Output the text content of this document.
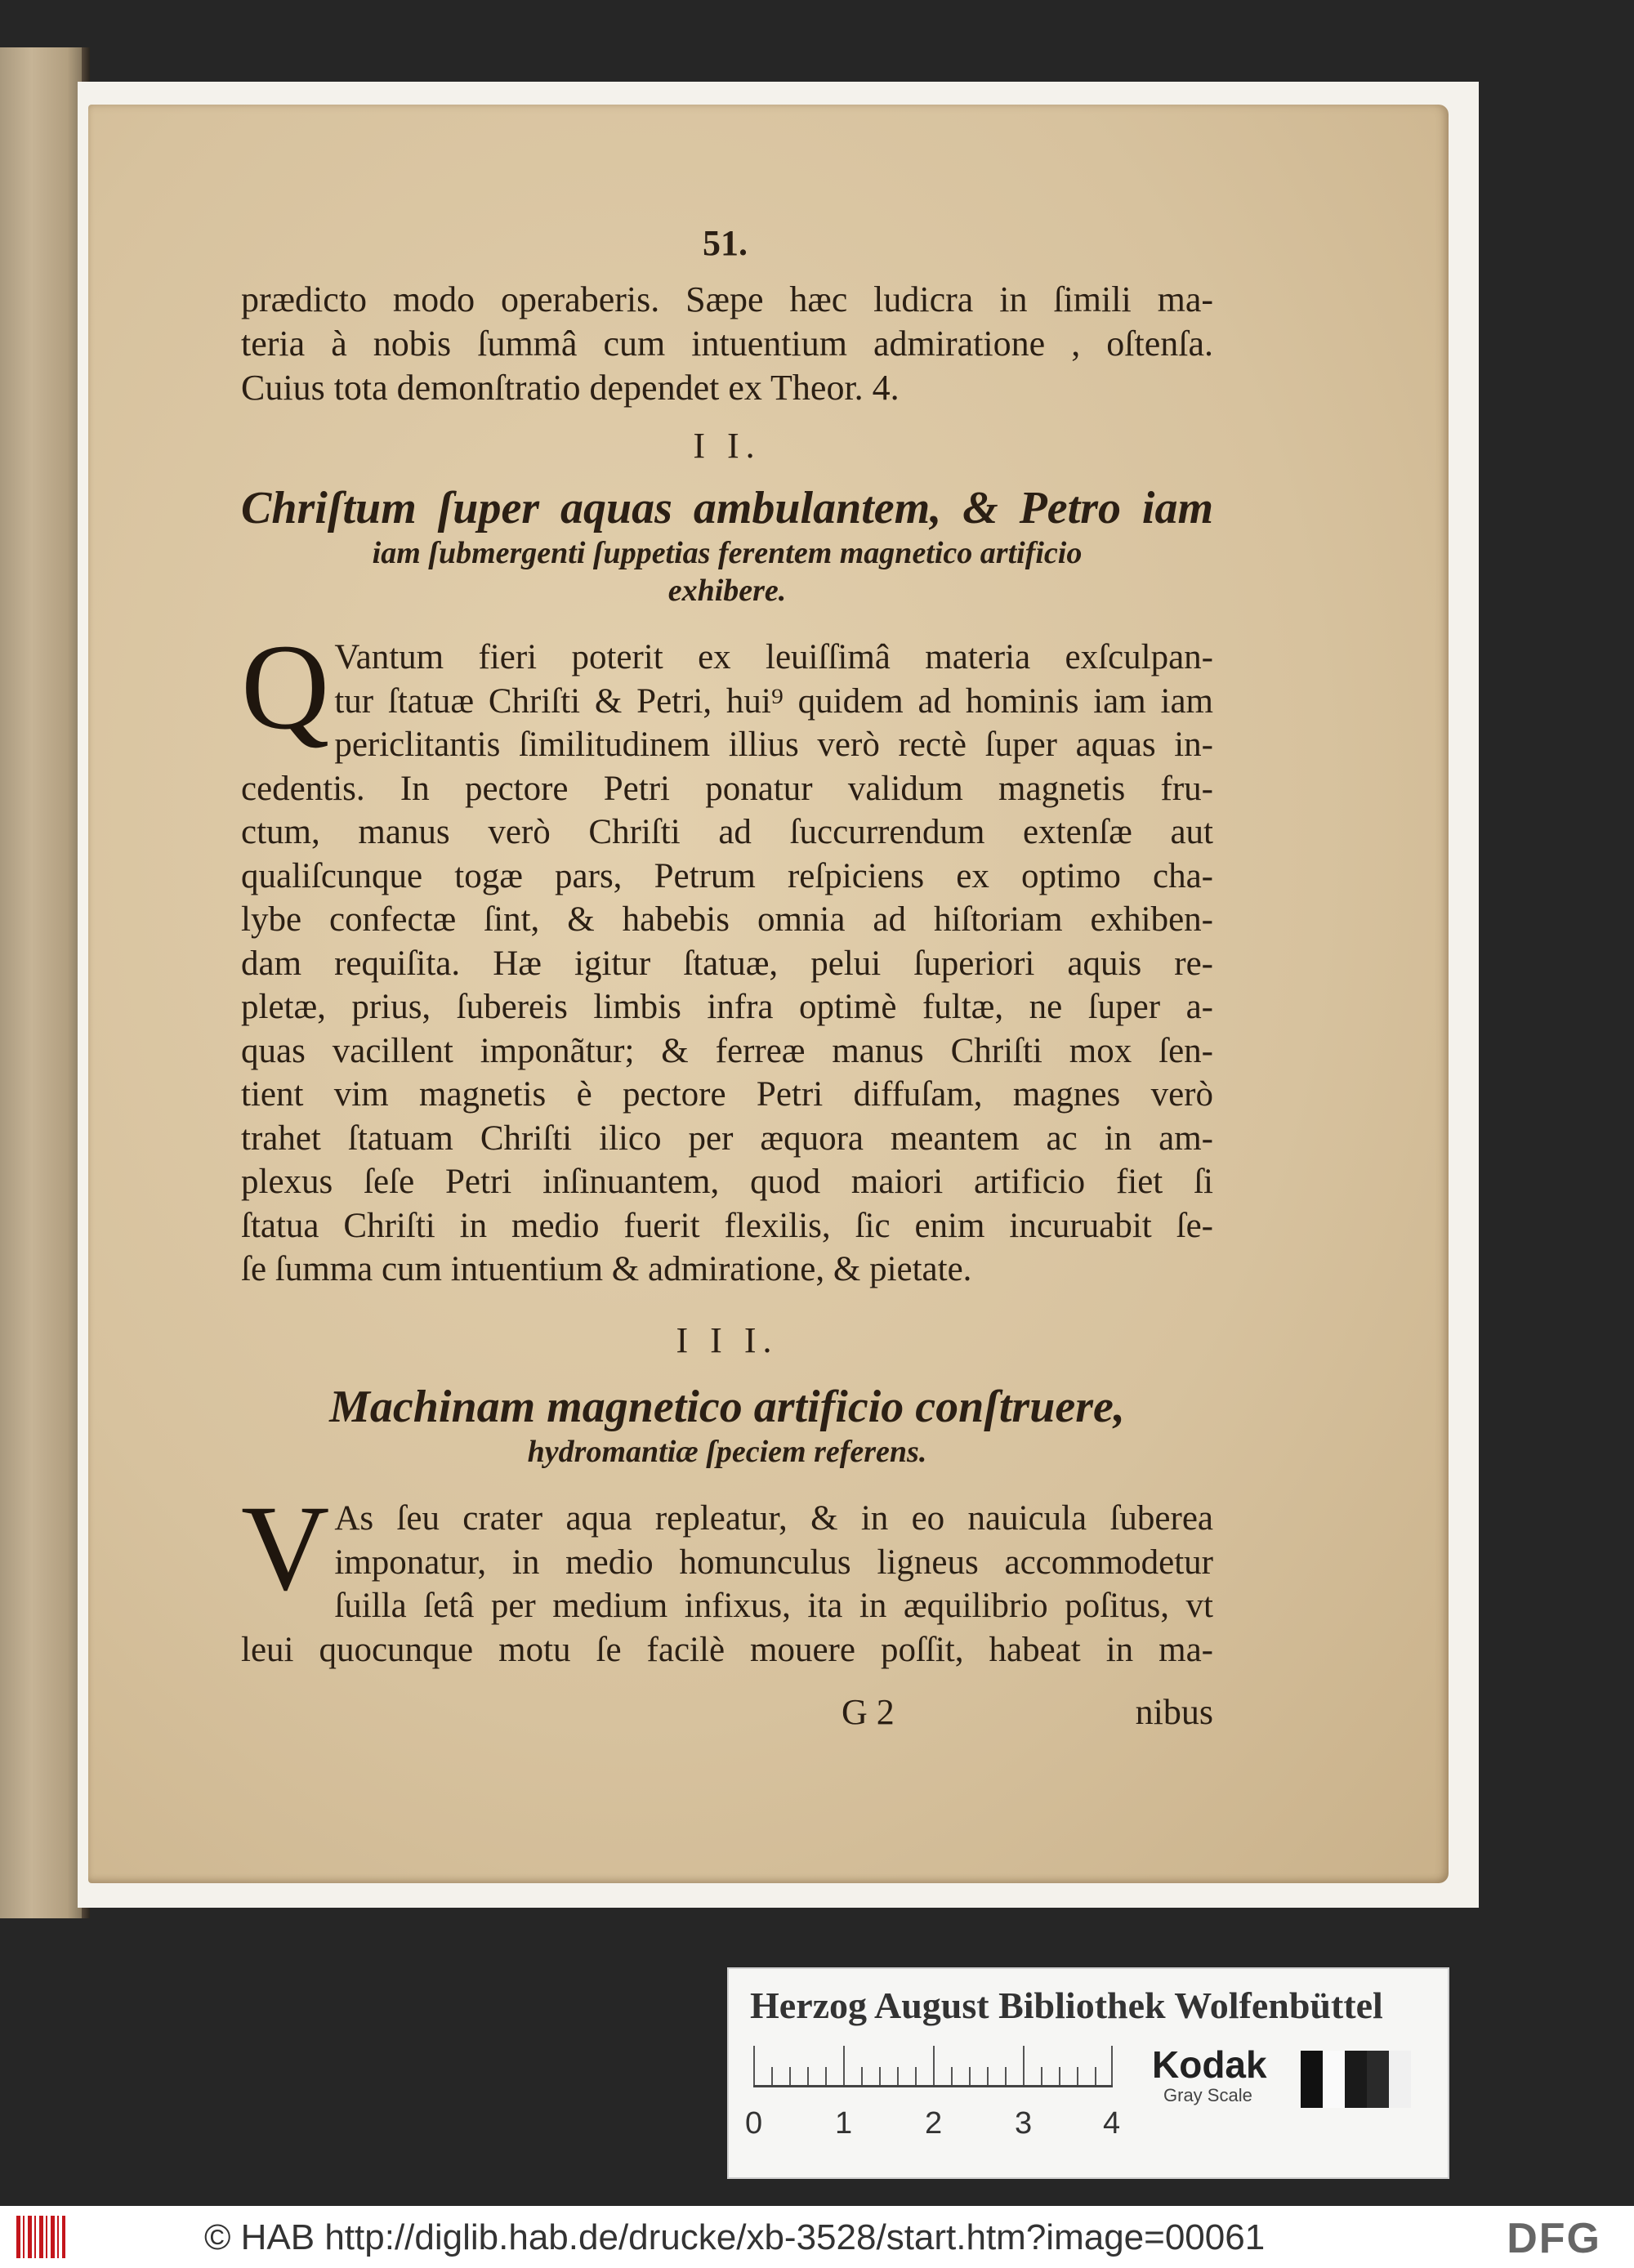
51.
prædicto modo operaberis. Sæpe hæc ludicra in ſimili ma-
teria à nobis ſummâ cum intuentium admiratione , oſtenſa.
Cuius tota demonſtratio dependet ex Theor. 4.
I I.
Chriſtum ſuper aquas ambulantem, & Petro iam
iam ſubmergenti ſuppetias ferentem magnetico artificio
exhibere.
Q Vantum fieri poterit ex leuiſſimâ materia exſculpan-
tur ſtatuæ Chriſti & Petri, hui⁹ quidem ad hominis iam iam
periclitantis ſimilitudinem illius verò rectè ſuper aquas in-
cedentis. In pectore Petri ponatur validum magnetis fru-
ctum, manus verò Chriſti ad ſuccurrendum extenſæ aut
qualiſcunque togæ pars, Petrum reſpiciens ex optimo cha-
lybe confectæ ſint, & habebis omnia ad hiſtoriam exhiben-
dam requiſita. Hæ igitur ſtatuæ, pelui ſuperiori aquis re-
pletæ, prius, ſubereis limbis infra optimè fultæ, ne ſuper a-
quas vacillent imponãtur; & ferreæ manus Chriſti mox ſen-
tient vim magnetis è pectore Petri diffuſam, magnes verò
trahet ſtatuam Chriſti ilico per æquora meantem ac in am-
plexus ſeſe Petri inſinuantem, quod maiori artificio fiet ſi
ſtatua Chriſti in medio fuerit flexilis, ſic enim incuruabit ſe-
ſe ſumma cum intuentium & admiratione, & pietate.
I I I.
Machinam magnetico artificio conſtruere,
hydromantiæ ſpeciem referens.
V As ſeu crater aqua repleatur, & in eo nauicula ſuberea
imponatur, in medio homunculus ligneus accommodetur
ſuilla ſetâ per medium infixus, ita in æquilibrio poſitus, vt
leui quocunque motu ſe facilè mouere poſſit, habeat in ma-
G 2	nibus
Herzog August Bibliothek Wolfenbüttel
0 1 2 3 4
Kodak
Gray Scale
© HAB http://diglib.hab.de/drucke/xb-3528/start.htm?image=00061	DFG
